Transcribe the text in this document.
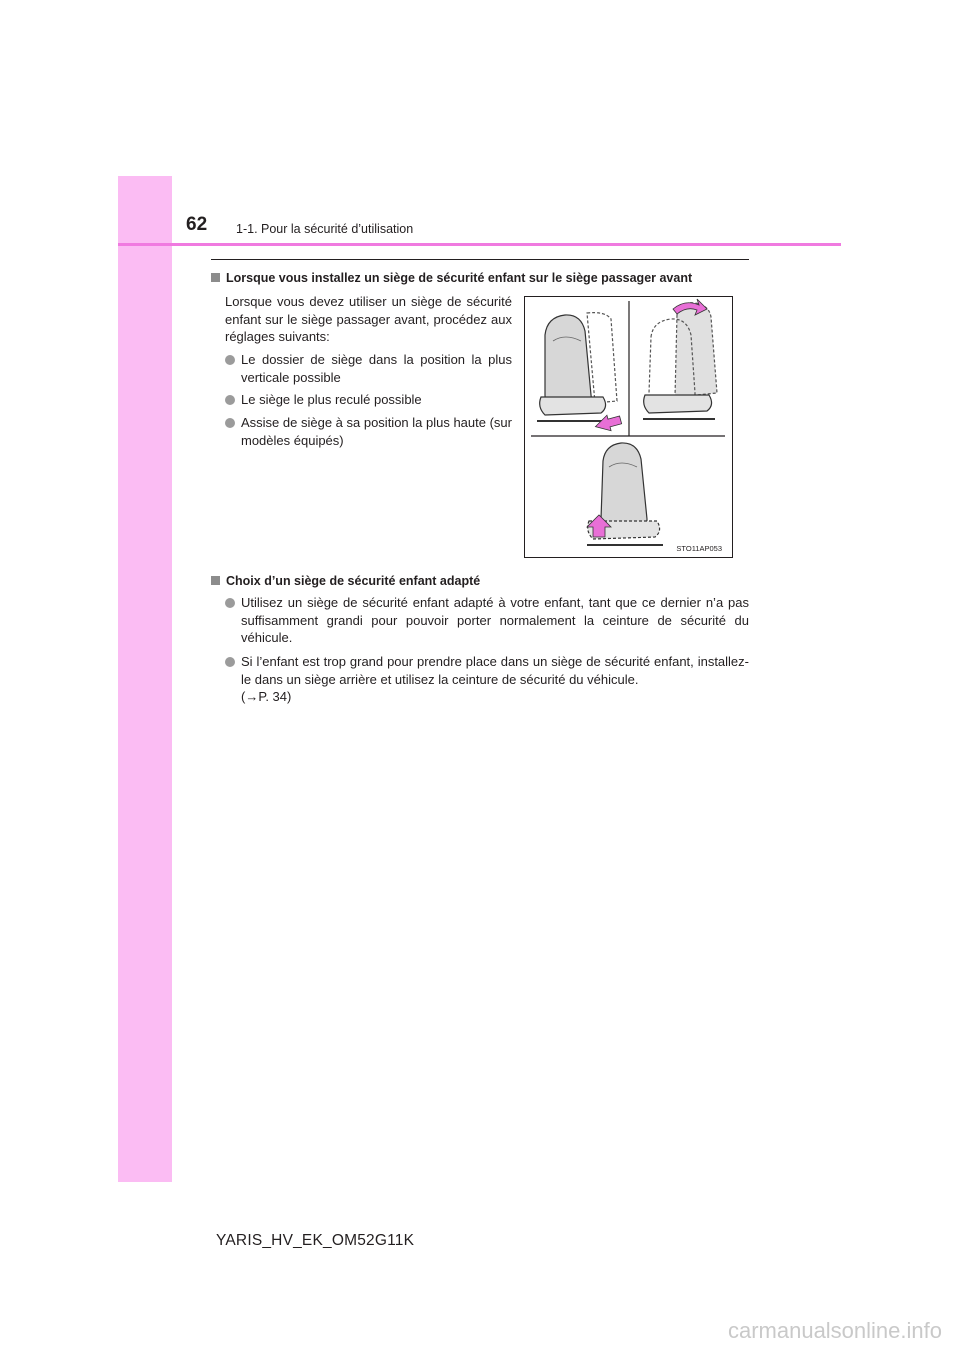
62 1-1. Pour la sécurité d’utilisation
Lorsque vous installez un siège de sécurité enfant sur le siège passager avant
Lorsque vous devez utiliser un siège de sécurité enfant sur le siège passager avant, procédez aux réglages suivants:
Le dossier de siège dans la position la plus verticale possible
Le siège le plus reculé possible
Assise de siège à sa position la plus haute (sur modèles équipés)
STO11AP053
Choix d’un siège de sécurité enfant adapté
Utilisez un siège de sécurité enfant adapté à votre enfant, tant que ce dernier n’a pas suffisamment grandi pour pouvoir porter normalement la ceinture de sécurité du véhicule.
Si l’enfant est trop grand pour prendre place dans un siège de sécurité enfant, installez-le dans un siège arrière et utilisez la ceinture de sécurité du véhicule.
(→P. 34)
YARIS_HV_EK_OM52G11K
carmanualsonline.info
